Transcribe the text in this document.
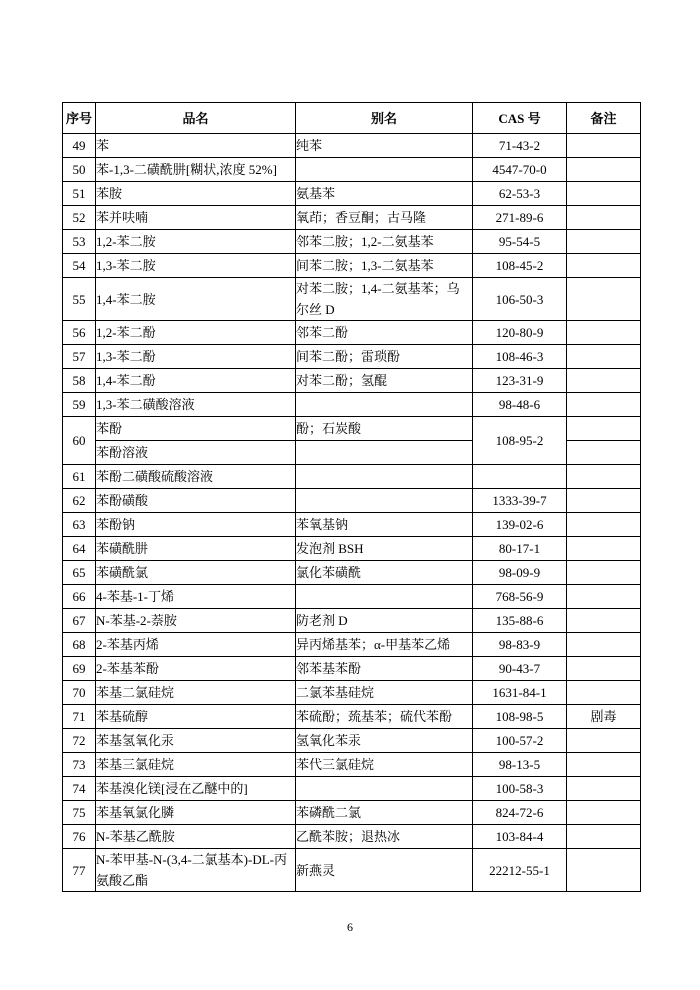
序号	品名	别名	CAS 号	备注
49	苯	纯苯	71-43-2	
50	苯-1,3-二磺酰肼[糊状,浓度 52%]		4547-70-0	
51	苯胺	氨基苯	62-53-3	
52	苯并呋喃	氧茚；香豆酮；古马隆	271-89-6	
53	1,2-苯二胺	邻苯二胺；1,2-二氨基苯	95-54-5	
54	1,3-苯二胺	间苯二胺；1,3-二氨基苯	108-45-2	
55	1,4-苯二胺	对苯二胺；1,4-二氨基苯；乌尔丝 D	106-50-3	
56	1,2-苯二酚	邻苯二酚	120-80-9	
57	1,3-苯二酚	间苯二酚；雷琐酚	108-46-3	
58	1,4-苯二酚	对苯二酚；氢醌	123-31-9	
59	1,3-苯二磺酸溶液		98-48-6	
60	苯酚	酚；石炭酸	108-95-2	
	苯酚溶液			
61	苯酚二磺酸硫酸溶液			
62	苯酚磺酸		1333-39-7	
63	苯酚钠	苯氧基钠	139-02-6	
64	苯磺酰肼	发泡剂 BSH	80-17-1	
65	苯磺酰氯	氯化苯磺酰	98-09-9	
66	4-苯基-1-丁烯		768-56-9	
67	N-苯基-2-萘胺	防老剂 D	135-88-6	
68	2-苯基丙烯	异丙烯基苯；α-甲基苯乙烯	98-83-9	
69	2-苯基苯酚	邻苯基苯酚	90-43-7	
70	苯基二氯硅烷	二氯苯基硅烷	1631-84-1	
71	苯基硫醇	苯硫酚；巯基苯；硫代苯酚	108-98-5	剧毒
72	苯基氢氧化汞	氢氧化苯汞	100-57-2	
73	苯基三氯硅烷	苯代三氯硅烷	98-13-5	
74	苯基溴化镁[浸在乙醚中的]		100-58-3	
75	苯基氧氯化膦	苯磷酰二氯	824-72-6	
76	N-苯基乙酰胺	乙酰苯胺；退热冰	103-84-4	
77	N-苯甲基-N-(3,4-二氯基本)-DL-丙氨酸乙酯	新燕灵	22212-55-1	
6
